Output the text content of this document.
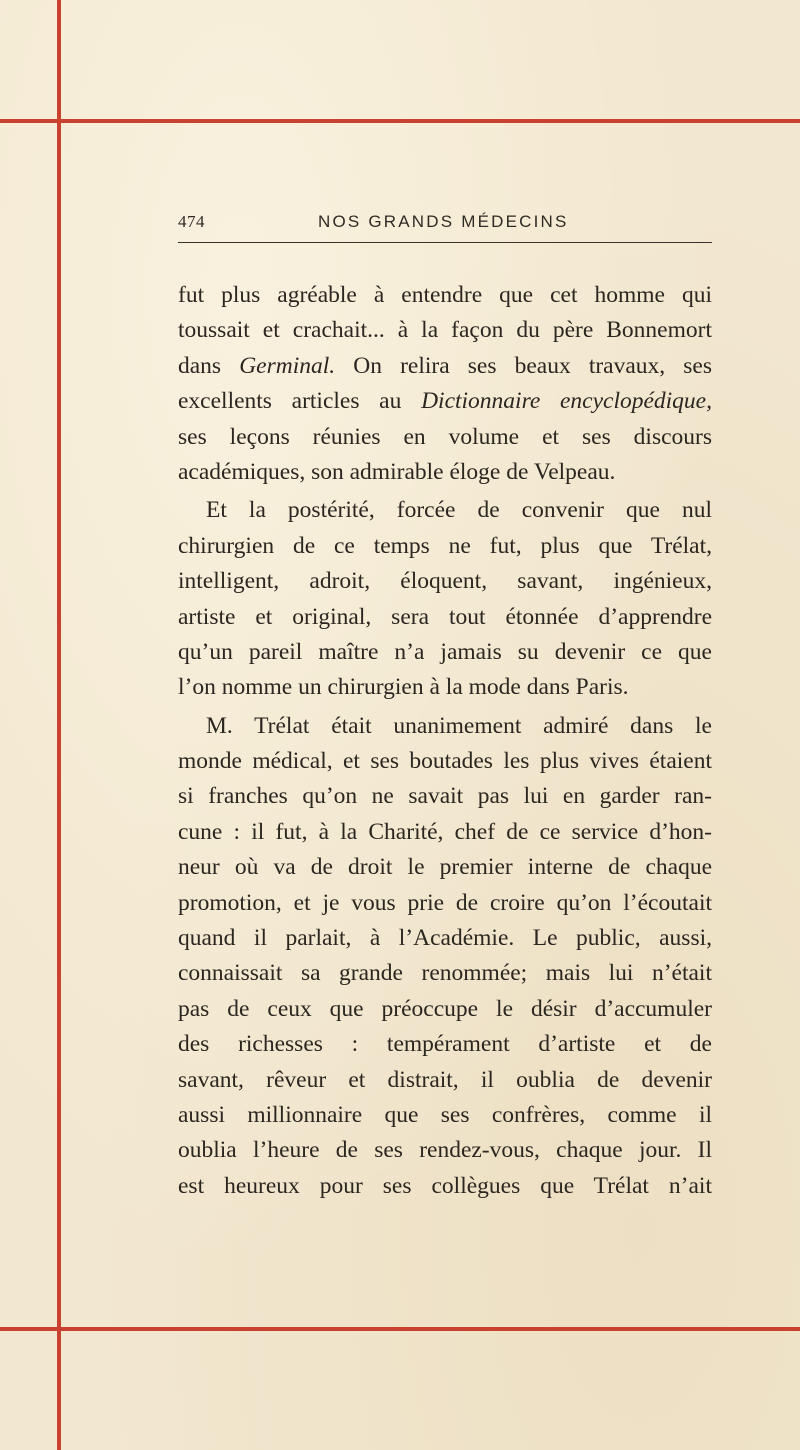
474	NOS GRANDS MÉDECINS
fut plus agréable à entendre que cet homme qui
toussait et crachait... à la façon du père Bonnemort
dans Germinal. On relira ses beaux travaux, ses
excellents articles au Dictionnaire encyclopédique,
ses leçons réunies en volume et ses discours
académiques, son admirable éloge de Velpeau.
Et la postérité, forcée de convenir que nul
chirurgien de ce temps ne fut, plus que Trélat,
intelligent, adroit, éloquent, savant, ingénieux,
artiste et original, sera tout étonnée d’apprendre
qu’un pareil maître n’a jamais su devenir ce que
l’on nomme un chirurgien à la mode dans Paris.
M. Trélat était unanimement admiré dans le
monde médical, et ses boutades les plus vives étaient
si franches qu’on ne savait pas lui en garder ran-
cune : il fut, à la Charité, chef de ce service d’hon-
neur où va de droit le premier interne de chaque
promotion, et je vous prie de croire qu’on l’écoutait
quand il parlait, à l’Académie. Le public, aussi,
connaissait sa grande renommée; mais lui n’était
pas de ceux que préoccupe le désir d’accumuler
des richesses : tempérament d’artiste et de
savant, rêveur et distrait, il oublia de devenir
aussi millionnaire que ses confrères, comme il
oublia l’heure de ses rendez-vous, chaque jour. Il
est heureux pour ses collègues que Trélat n’ait
